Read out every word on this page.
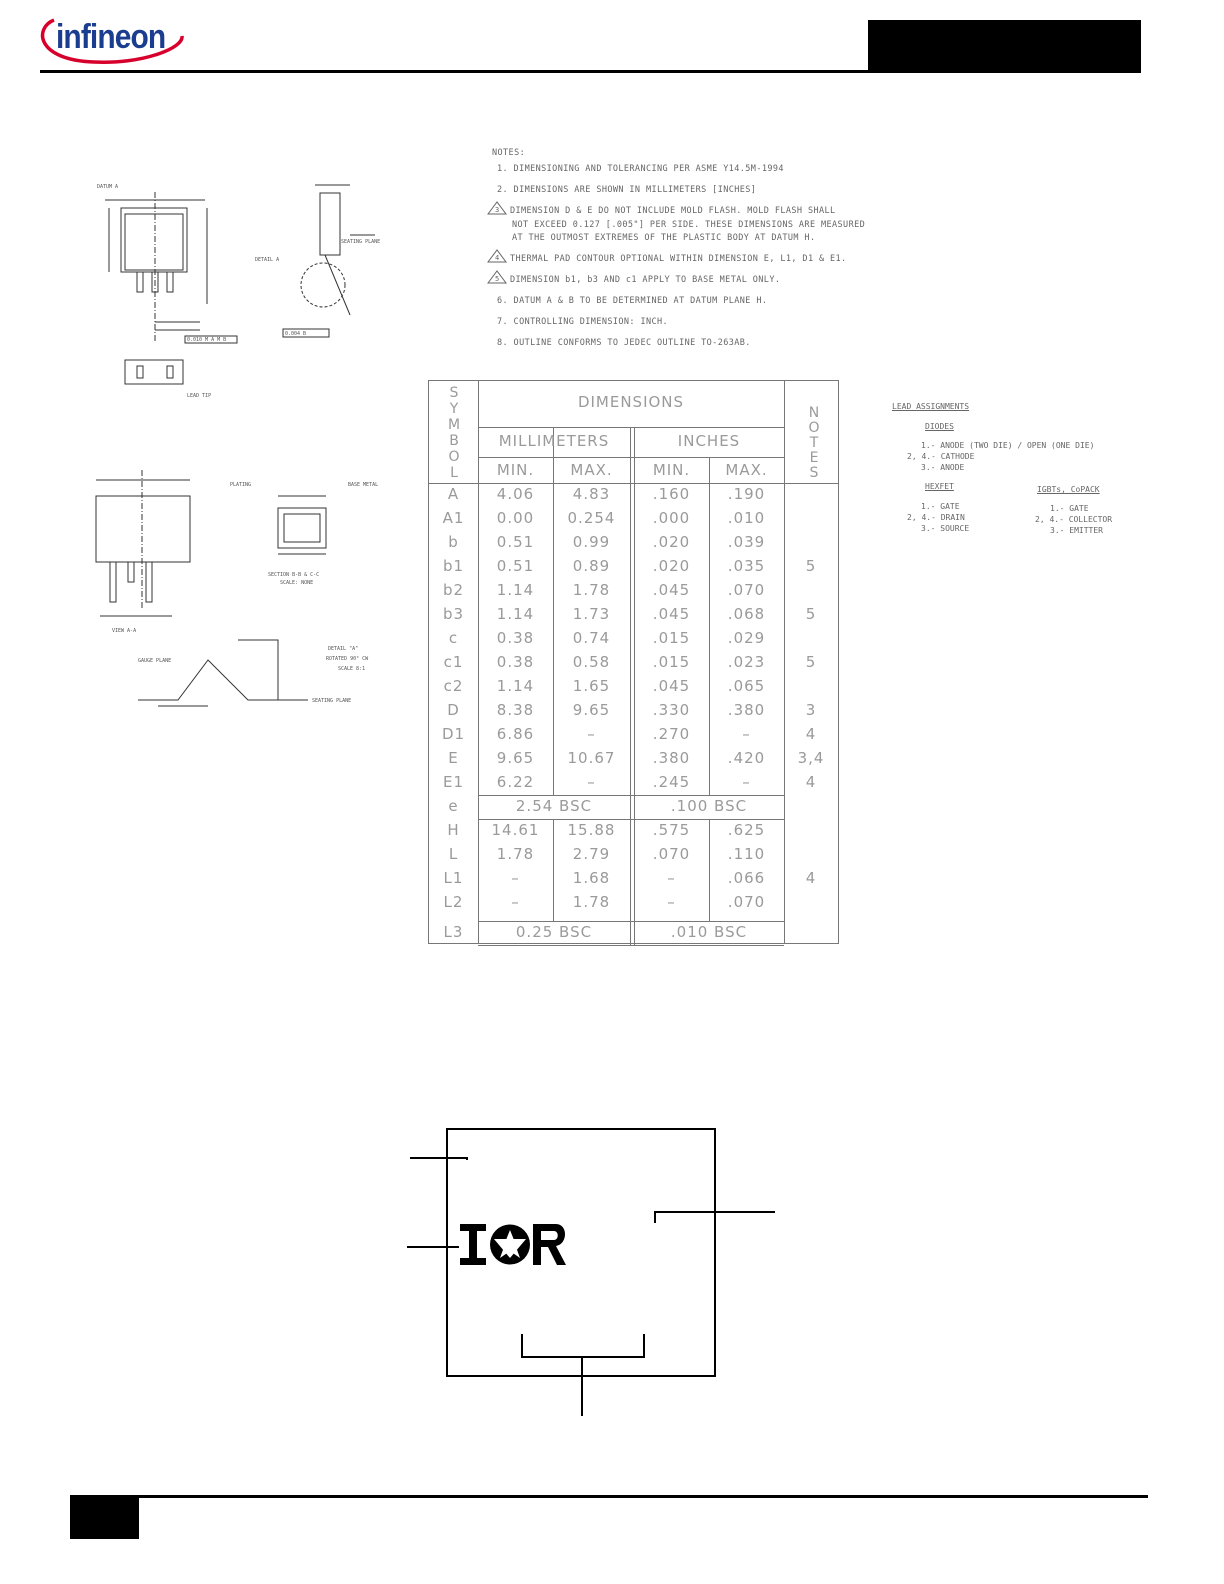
infineon
DATUM A
LEAD TIP
0.010 M A M B
DETAIL A
SEATING PLANE
0.004 B
VIEW A-A
PLATING	BASE METAL
SECTION B-B & C-C
SCALE: NONE
GAUGE PLANE
SEATING PLANE
DETAIL "A"
ROTATED 90° CW
SCALE 8:1
NOTES:
1. DIMENSIONING AND TOLERANCING PER ASME Y14.5M-1994
2. DIMENSIONS ARE SHOWN IN MILLIMETERS [INCHES]
3 DIMENSION D & E DO NOT INCLUDE MOLD FLASH. MOLD FLASH SHALL
NOT EXCEED 0.127 [.005"] PER SIDE. THESE DIMENSIONS ARE MEASURED
AT THE OUTMOST EXTREMES OF THE PLASTIC BODY AT DATUM H.
4 THERMAL PAD CONTOUR OPTIONAL WITHIN DIMENSION E, L1, D1 & E1.
5 DIMENSION b1, b3 AND c1 APPLY TO BASE METAL ONLY.
6. DATUM A & B TO BE DETERMINED AT DATUM PLANE H.
7. CONTROLLING DIMENSION: INCH.
8. OUTLINE CONFORMS TO JEDEC OUTLINE TO-263AB.
S
Y
M
B
O
L
DIMENSIONS
MILLIMETERS	INCHES
MIN.	MAX.	MIN.	MAX.
N
O
T
E
S
A	4.06	4.83	.160	.190
A1	0.00	0.254	.000	.010
b	0.51	0.99	.020	.039
b1	0.51	0.89	.020	.035	5
b2	1.14	1.78	.045	.070
b3	1.14	1.73	.045	.068	5
c	0.38	0.74	.015	.029
c1	0.38	0.58	.015	.023	5
c2	1.14	1.65	.045	.065
D	8.38	9.65	.330	.380	3
D1	6.86	–	.270	–	4
E	9.65	10.67	.380	.420	3,4
E1	6.22	–	.245	–	4
e	2.54 BSC	.100 BSC
H	14.61	15.88	.575	.625
L	1.78	2.79	.070	.110
L1	–	1.68	–	.066	4
L2	–	1.78	–	.070
L3	0.25 BSC	.010 BSC
LEAD ASSIGNMENTS
DIODES
1.- ANODE (TWO DIE) / OPEN (ONE DIE)
2, 4.- CATHODE
3.- ANODE
HEXFET
1.- GATE
2, 4.- DRAIN
3.- SOURCE
IGBTs, CoPACK
1.- GATE
2, 4.- COLLECTOR
3.- EMITTER
IOR
